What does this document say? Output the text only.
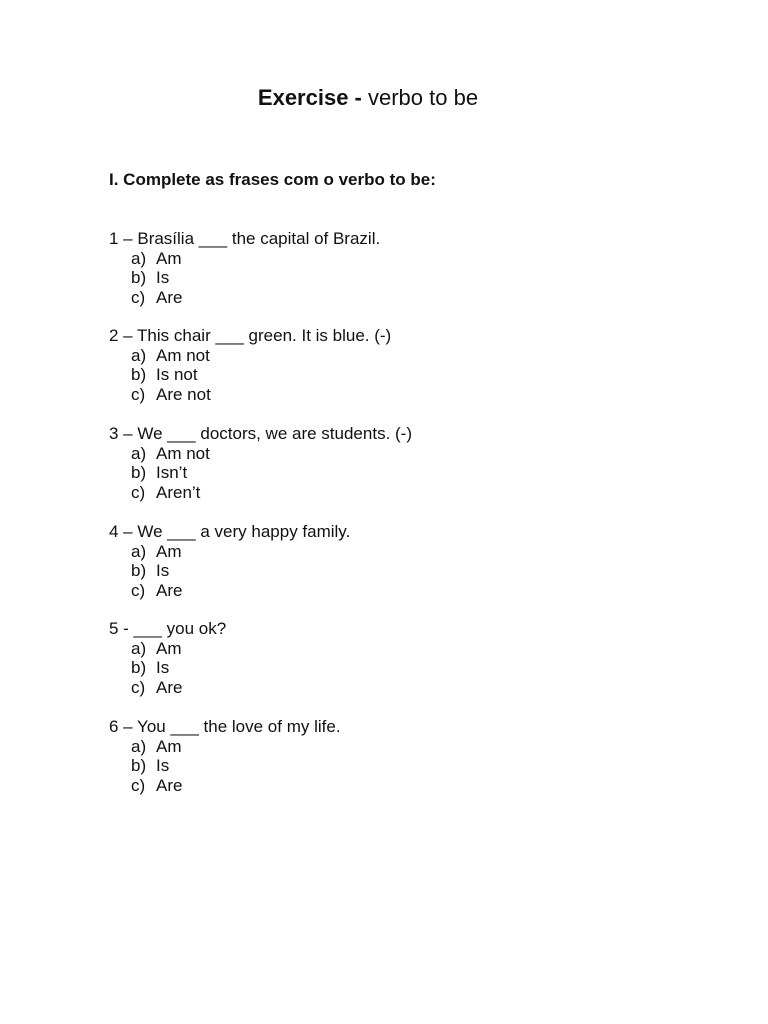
Exercise - verbo to be
I. Complete as frases com o verbo to be:
1 – Brasília ___ the capital of Brazil.
a) Am
b) Is
c) Are
2 – This chair ___ green. It is blue. (-)
a) Am not
b) Is not
c) Are not
3 – We ___ doctors, we are students. (-)
a) Am not
b) Isn’t
c) Aren’t
4 – We ___ a very happy family.
a) Am
b) Is
c) Are
5 - ___ you ok?
a) Am
b) Is
c) Are
6 – You ___ the love of my life.
a) Am
b) Is
c) Are
